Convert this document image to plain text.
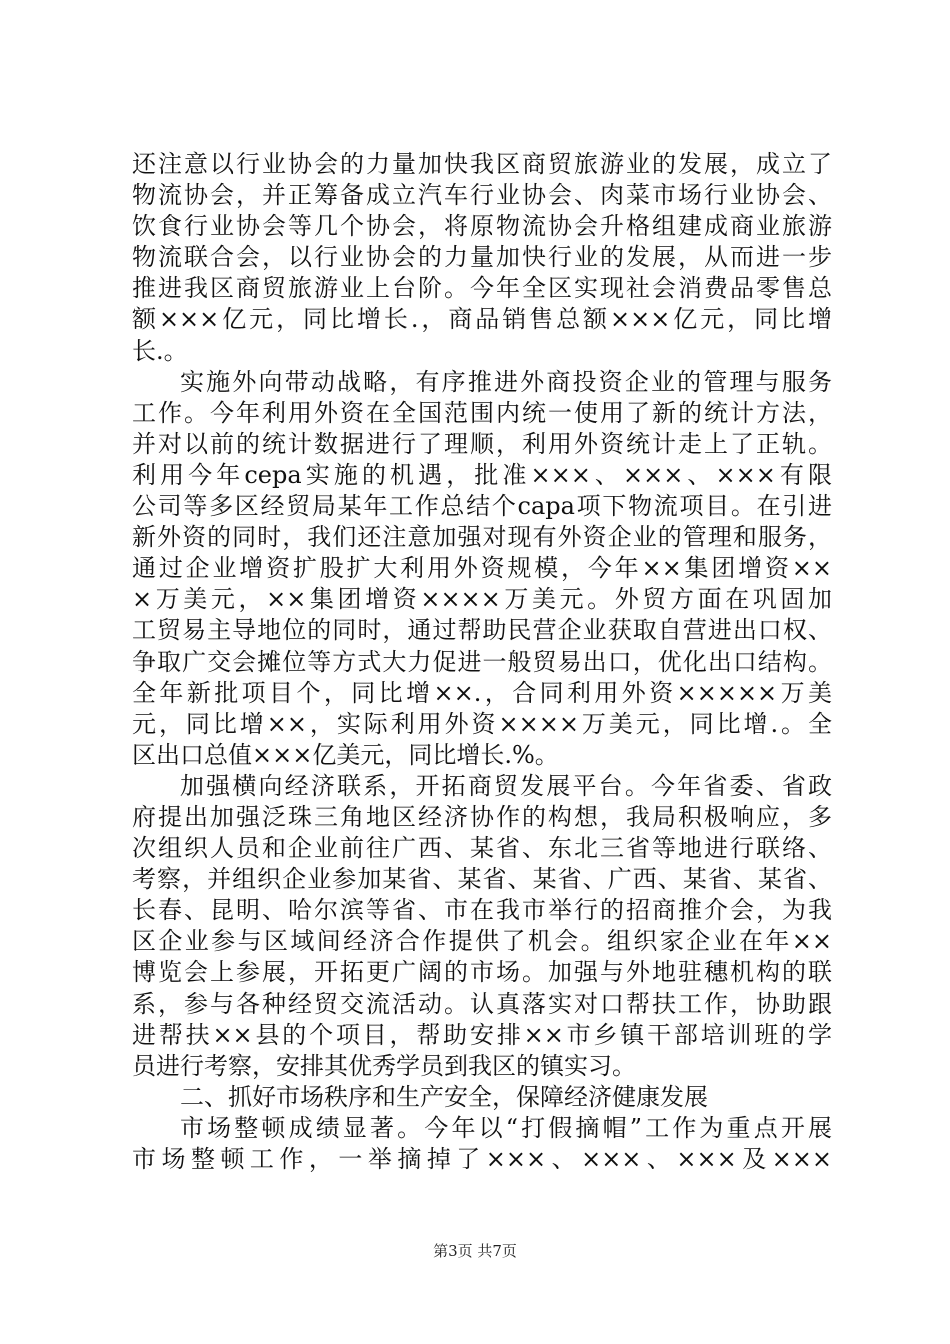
还注意以行业协会的力量加快我区商贸旅游业的发展，成立了
物流协会，并正筹备成立汽车行业协会、肉菜市场行业协会、
饮食行业协会等几个协会，将原物流协会升格组建成商业旅游
物流联合会，以行业协会的力量加快行业的发展，从而进一步
推进我区商贸旅游业上台阶。今年全区实现社会消费品零售总
额×××亿元，同比增长.，商品销售总额×××亿元，同比增
长.。
实施外向带动战略，有序推进外商投资企业的管理与服务
工作。今年利用外资在全国范围内统一使用了新的统计方法，
并对以前的统计数据进行了理顺，利用外资统计走上了正轨。
利用今年cepa实施的机遇，批准×××、×××、×××有限
公司等多区经贸局某年工作总结个capa项下物流项目。在引进
新外资的同时，我们还注意加强对现有外资企业的管理和服务，
通过企业增资扩股扩大利用外资规模，今年××集团增资××
×万美元，××集团增资××××万美元。外贸方面在巩固加
工贸易主导地位的同时，通过帮助民营企业获取自营进出口权、
争取广交会摊位等方式大力促进一般贸易出口，优化出口结构。
全年新批项目个，同比增××.，合同利用外资×××××万美
元，同比增××，实际利用外资××××万美元，同比增.。全
区出口总值×××亿美元，同比增长.%。
加强横向经济联系，开拓商贸发展平台。今年省委、省政
府提出加强泛珠三角地区经济协作的构想，我局积极响应，多
次组织人员和企业前往广西、某省、东北三省等地进行联络、
考察，并组织企业参加某省、某省、某省、广西、某省、某省、
长春、昆明、哈尔滨等省、市在我市举行的招商推介会，为我
区企业参与区域间经济合作提供了机会。组织家企业在年××
博览会上参展，开拓更广阔的市场。加强与外地驻穗机构的联
系，参与各种经贸交流活动。认真落实对口帮扶工作，协助跟
进帮扶××县的个项目，帮助安排××市乡镇干部培训班的学
员进行考察，安排其优秀学员到我区的镇实习。
二、抓好市场秩序和生产安全，保障经济健康发展
市场整顿成绩显著。今年以“打假摘帽”工作为重点开展
市场整顿工作，一举摘掉了×××、×××、×××及×××
第3页 共7页
